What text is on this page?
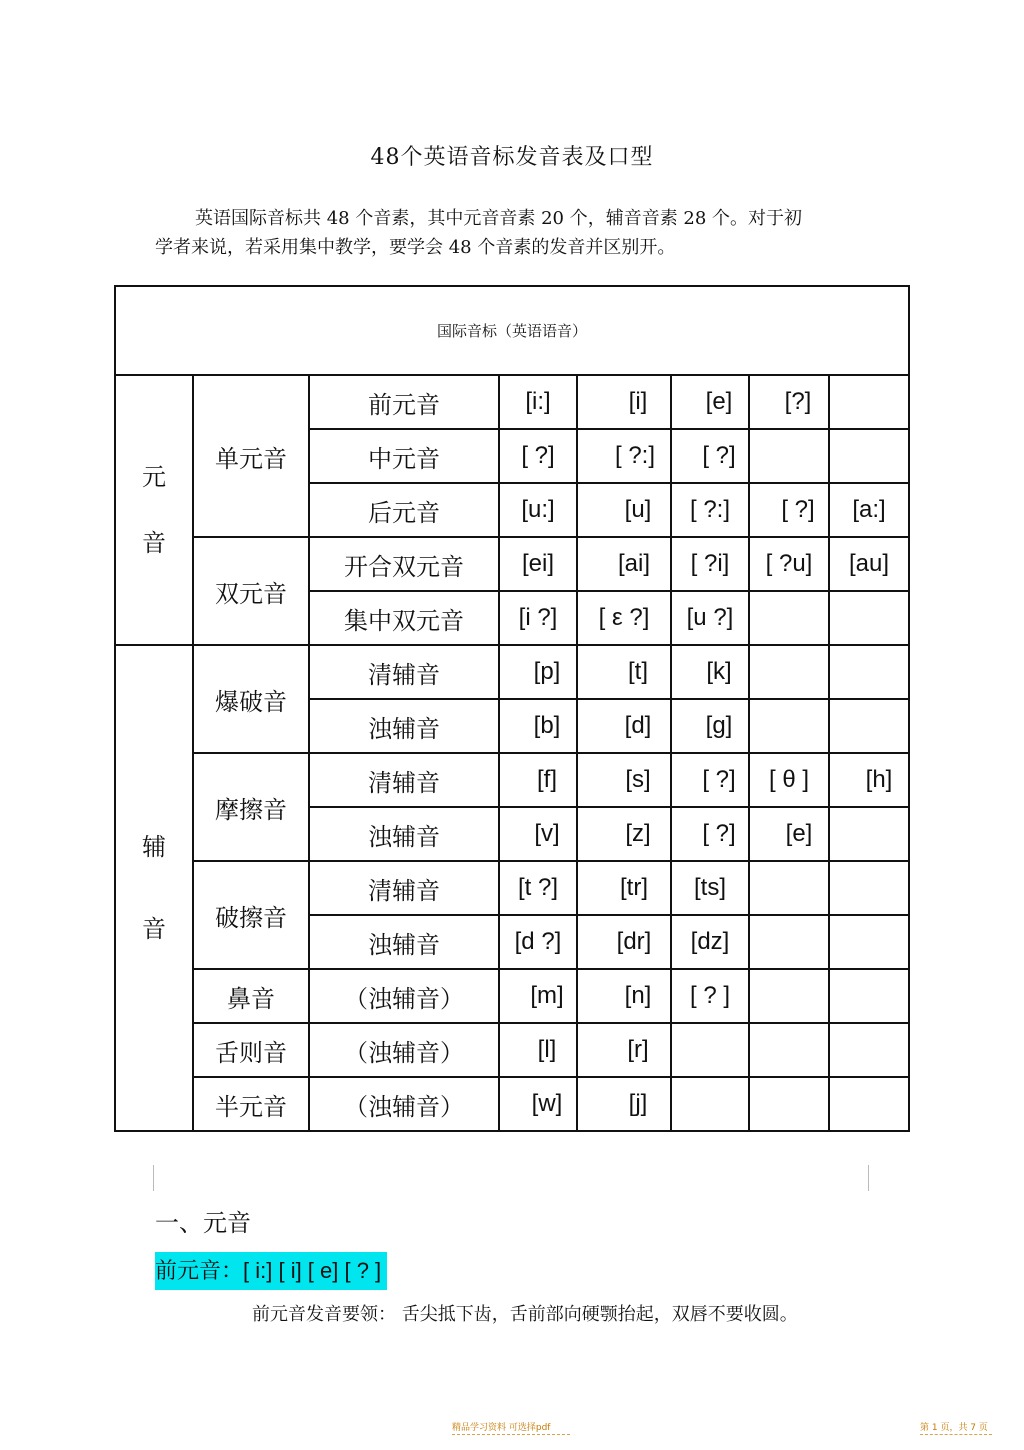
48个英语音标发音表及口型

英语国际音标共 48 个音素，其中元音音素 20 个，辅音音素 28 个。对于初

学者来说，若采用集中教学，要学会 48 个音素的发音并区别开。

国际音标（英语语音）							
元音	单元音	前元音	[i:]	[i]	[e]	[?]	
		中元音	[ ?]	[ ?:]	[ ?]		
		后元音	[u:]	[u]	[ ?:]	[ ?]	[a:]
	双元音	开合双元音	[ei]	[ai]	[ ?i]	[ ?u]	[au]
		集中双元音	[i ?]	[ ε ?]	[u ?]		
辅音	爆破音	清辅音	[p]	[t]	[k]		
		浊辅音	[b]	[d]	[g]		
	摩擦音	清辅音	[f]	[s]	[ ?]	[ θ ]	[h]
		浊辅音	[v]	[z]	[ ?]	[e]	
	破擦音	清辅音	[t ?]	[tr]	[ts]		
		浊辅音	[d ?]	[dr]	[dz]		
	鼻音	（浊辅音）	[m]	[n]	[ ? ]		
	舌则音	（浊辅音）	[l]	[r]			
	半元音	（浊辅音）	[w]	[j]			
一、元音
前元音：[ i:] [ i] [ e] [ ? ]
前元音发音要领： 舌尖抵下齿，舌前部向硬颚抬起，双唇不要收圆。
精品学习资料 可选择pdf	第 1 页，共 7 页
